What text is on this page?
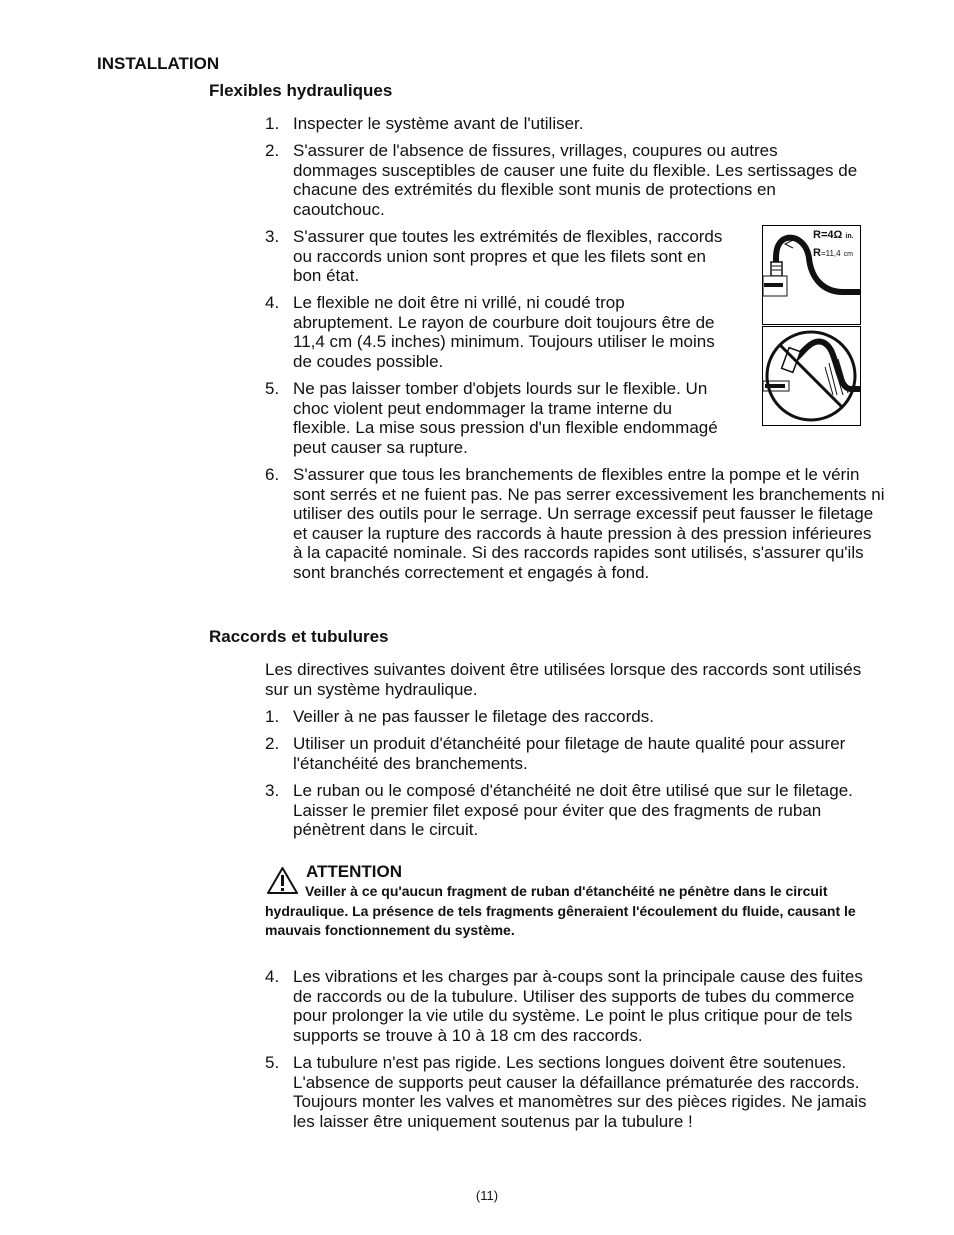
INSTALLATION
Flexibles hydrauliques
1. Inspecter le système avant de l'utiliser.
2. S'assurer de l'absence de fissures, vrillages, coupures ou autres dommages susceptibles de causer une fuite du flexible. Les sertissages de chacune des extrémités du flexible sont munis de protections en caoutchouc.
3. S'assurer que toutes les extrémités de flexibles, raccords ou raccords union sont propres et que les filets sont en bon état.
4. Le flexible ne doit être ni vrillé, ni coudé trop abruptement. Le rayon de courbure doit toujours être de 11,4 cm (4.5 inches) minimum. Toujours utiliser le moins de coudes possible.
5. Ne pas laisser tomber d'objets lourds sur le flexible. Un choc violent peut endommager la trame interne du flexible. La mise sous pression d'un flexible endommagé peut causer sa rupture.
6. S'assurer que tous les branchements de flexibles entre la pompe et le vérin sont serrés et ne fuient pas. Ne pas serrer excessivement les branchements ni utiliser des outils pour le serrage. Un serrage excessif peut fausser le filetage et causer la rupture des raccords à haute pression à des pression inférieures à la capacité nominale. Si des raccords rapides sont utilisés, s'assurer qu'ils sont branchés correctement et engagés à fond.
R=4Ω in.
R=11,4 cm
Raccords et tubulures
Les directives suivantes doivent être utilisées lorsque des raccords sont utilisés sur un système hydraulique.
1. Veiller à ne pas fausser le filetage des raccords.
2. Utiliser un produit d'étanchéité pour filetage de haute qualité pour assurer l'étanchéité des branchements.
3. Le ruban ou le composé d'étanchéité ne doit être utilisé que sur le filetage. Laisser le premier filet exposé pour éviter que des fragments de ruban pénètrent dans le circuit.
ATTENTION
Veiller à ce qu'aucun fragment de ruban d'étanchéité ne pénètre dans le circuit hydraulique. La présence de tels fragments gêneraient l'écoulement du fluide, causant le mauvais fonctionnement du système.
4. Les vibrations et les charges par à-coups sont la principale cause des fuites de raccords ou de la tubulure. Utiliser des supports de tubes du commerce pour prolonger la vie utile du système. Le point le plus critique pour de tels supports se trouve à 10 à 18 cm des raccords.
5. La tubulure n'est pas rigide. Les sections longues doivent être soutenues. L'absence de supports peut causer la défaillance prématurée des raccords. Toujours monter les valves et manomètres sur des pièces rigides. Ne jamais les laisser être uniquement soutenus par la tubulure !
(11)
